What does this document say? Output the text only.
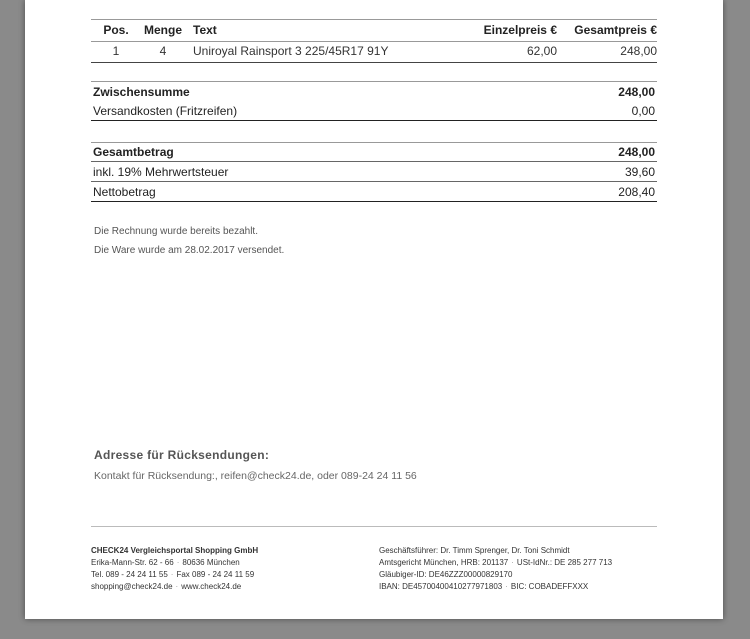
Pos.	Menge	Text	Einzelpreis €	Gesamtpreis €
1	4	Uniroyal Rainsport 3 225/45R17 91Y	62,00	248,00
Zwischensumme	248,00
Versandkosten (Fritzreifen)	0,00
Gesamtbetrag	248,00
inkl. 19% Mehrwertsteuer	39,60
Nettobetrag	208,40
Die Rechnung wurde bereits bezahlt.
Die Ware wurde am 28.02.2017 versendet.
Adresse für Rücksendungen:
Kontakt für Rücksendung:, reifen@check24.de, oder 089-24 24 11 56
CHECK24 Vergleichsportal Shopping GmbH
Erika-Mann-Str. 62 - 66 · 80636 München
Tel. 089 - 24 24 11 55 · Fax 089 - 24 24 11 59
shopping@check24.de · www.check24.de
Geschäftsführer: Dr. Timm Sprenger, Dr. Toni Schmidt
Amtsgericht München, HRB: 201137 · USt-IdNr.: DE 285 277 713
Gläubiger-ID: DE46ZZZ00000829170
IBAN: DE45700400410277971803 · BIC: COBADEFFXXX
